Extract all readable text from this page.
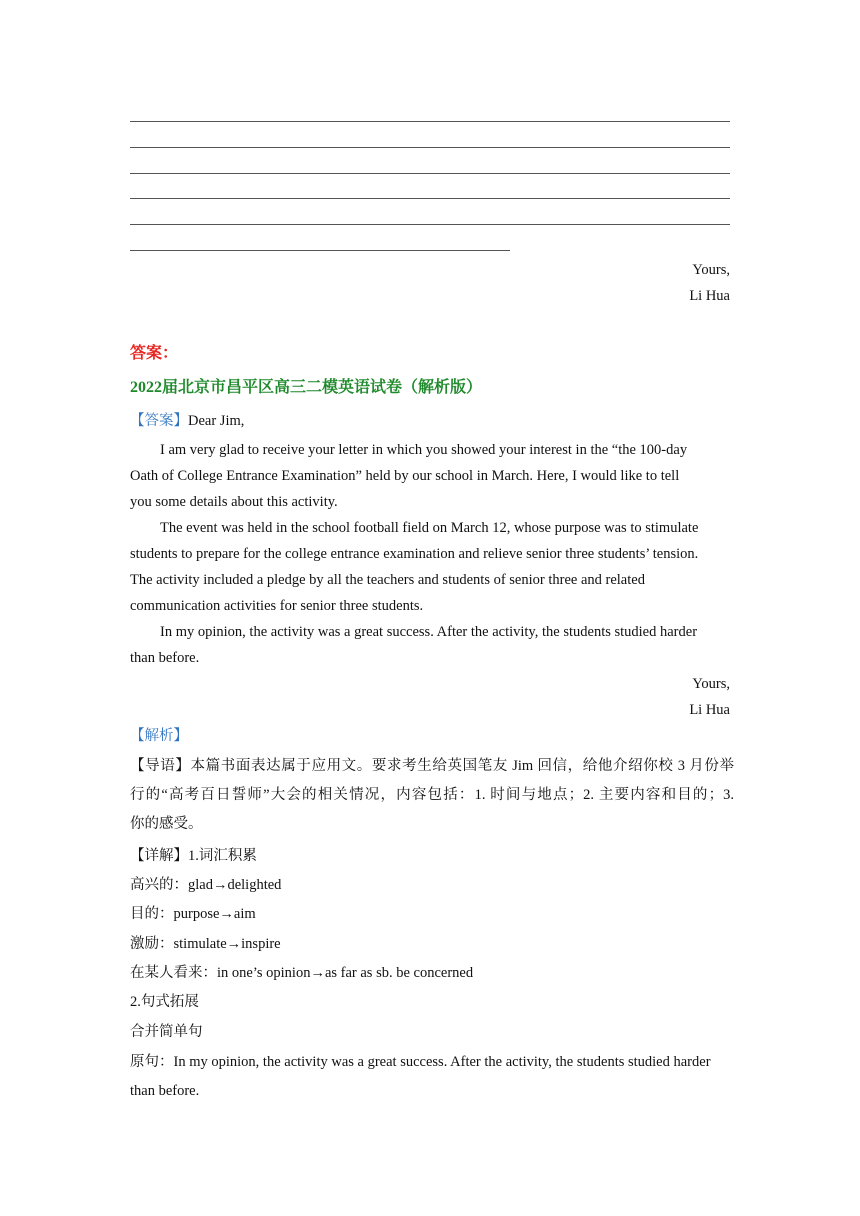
Yours,
Li Hua
答案：
2022届北京市昌平区高三二模英语试卷（解析版）
【答案】Dear Jim,
I am very glad to receive your letter in which you showed your interest in the “the 100-day
Oath of College Entrance Examination” held by our school in March. Here, I would like to tell
you some details about this activity.
The event was held in the school football field on March 12, whose purpose was to stimulate
students to prepare for the college entrance examination and relieve senior three students’ tension.
The activity included a pledge by all the teachers and students of senior three and related
communication activities for senior three students.
In my opinion, the activity was a great success. After the activity, the students studied harder
than before.
Yours,
Li Hua
【解析】
【导语】本篇书面表达属于应用文。要求考生给英国笔友 Jim 回信，给他介绍你校 3 月份举
行的“高考百日誓师”大会的相关情况，内容包括：1. 时间与地点；2. 主要内容和目的；3.
你的感受。
【详解】1.词汇积累
高兴的：glad→delighted
目的：purpose→aim
激励：stimulate→inspire
在某人看来：in one’s opinion→as far as sb. be concerned
2.句式拓展
合并简单句
原句：In my opinion, the activity was a great success. After the activity, the students studied harder
than before.
